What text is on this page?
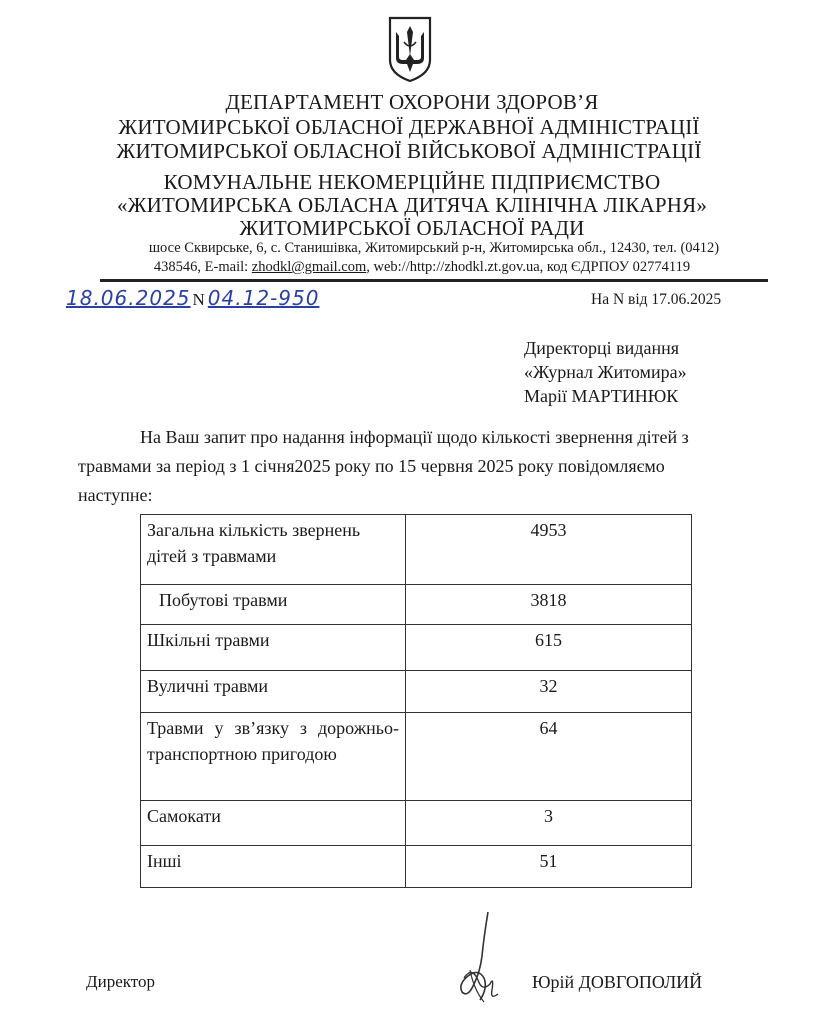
ДЕПАРТАМЕНТ ОХОРОНИ ЗДОРОВ’Я
ЖИТОМИРСЬКОЇ ОБЛАСНОЇ ДЕРЖАВНОЇ АДМІНІСТРАЦІЇ
ЖИТОМИРСЬКОЇ ОБЛАСНОЇ ВІЙСЬКОВОЇ АДМІНІСТРАЦІЇ
КОМУНАЛЬНЕ НЕКОМЕРЦІЙНЕ ПІДПРИЄМСТВО
«ЖИТОМИРСЬКА ОБЛАСНА ДИТЯЧА КЛІНІЧНА ЛІКАРНЯ»
ЖИТОМИРСЬКОЇ ОБЛАСНОЇ РАДИ
шосе Сквирське, 6, с. Станишівка, Житомирський р-н, Житомирська обл., 12430, тел. (0412)
438546, E-mail: zhodkl@gmail.com, web://http://zhodkl.zt.gov.ua, код ЄДРПОУ 02774119
18.06.2025 N 04.12-950	На N від 17.06.2025
Директорці видання
«Журнал Житомира»
Марії МАРТИНЮК
На Ваш запит про надання інформації щодо кількості звернення дітей з
травмами за період з 1 січня2025 року по 15 червня 2025 року повідомляємо
наступне:
Загальна кількість звернень дітей з травмами	4953
Побутові травми	3818
Шкільні травми	615
Вуличні травми	32
Травми у зв’язку з дорожньо-транспортною пригодою	64
Самокати	3
Інші	51
Директор	Юрій ДОВГОПОЛИЙ
